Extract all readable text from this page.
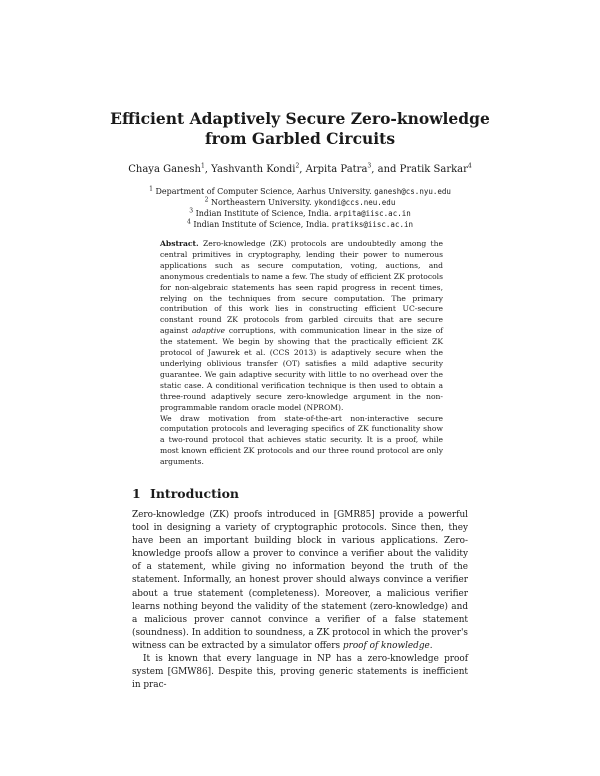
Efficient Adaptively Secure Zero-knowledge from Garbled Circuits
Chaya Ganesh$^1$, Yashvanth Kondi$^2$, Arpita Patra$^3$, and Pratik Sarkar$^4$
$^1$ Department of Computer Science, Aarhus University. ganesh@cs.nyu.edu
$^2$ Northeastern University. ykondi@ccs.neu.edu
$^3$ Indian Institute of Science, India. arpita@iisc.ac.in
$^4$ Indian Institute of Science, India. pratiks@iisc.ac.in

Abstract. Zero-knowledge (ZK) protocols are undoubtedly among the central primitives in cryptography, lending their power to numerous applications such as secure computation, voting, auctions, and anonymous credentials to name a few. The study of efficient ZK protocols for non-algebraic statements has seen rapid progress in recent times, relying on the techniques from secure computation. The primary contribution of this work lies in constructing efficient UC-secure constant round ZK protocols from garbled circuits that are secure against adaptive corruptions, with communication linear in the size of the statement. We begin by showing that the practically efficient ZK protocol of Jawurek et al. (CCS 2013) is adaptively secure when the underlying oblivious transfer (OT) satisfies a mild adaptive security guarantee. We gain adaptive security with little to no overhead over the static case. A conditional verification technique is then used to obtain a three-round adaptively secure zero-knowledge argument in the non-programmable random oracle model (NPROM).

We draw motivation from state-of-the-art non-interactive secure computation protocols and leveraging specifics of ZK functionality show a two-round protocol that achieves static security. It is a proof, while most known efficient ZK protocols and our three round protocol are only arguments.

1 Introduction

Zero-knowledge (ZK) proofs introduced in [GMR85] provide a powerful tool in designing a variety of cryptographic protocols. Since then, they have been an important building block in various applications. Zero-knowledge proofs allow a prover to convince a verifier about the validity of a statement, while giving no information beyond the truth of the statement. Informally, an honest prover should always convince a verifier about a true statement (completeness). Moreover, a malicious verifier learns nothing beyond the validity of the statement (zero-knowledge) and a malicious prover cannot convince a verifier of a false statement (soundness). In addition to soundness, a ZK protocol in which the prover's witness can be extracted by a simulator offers proof of knowledge.

It is known that every language in NP has a zero-knowledge proof system [GMW86]. Despite this, proving generic statements is inefficient in prac-
